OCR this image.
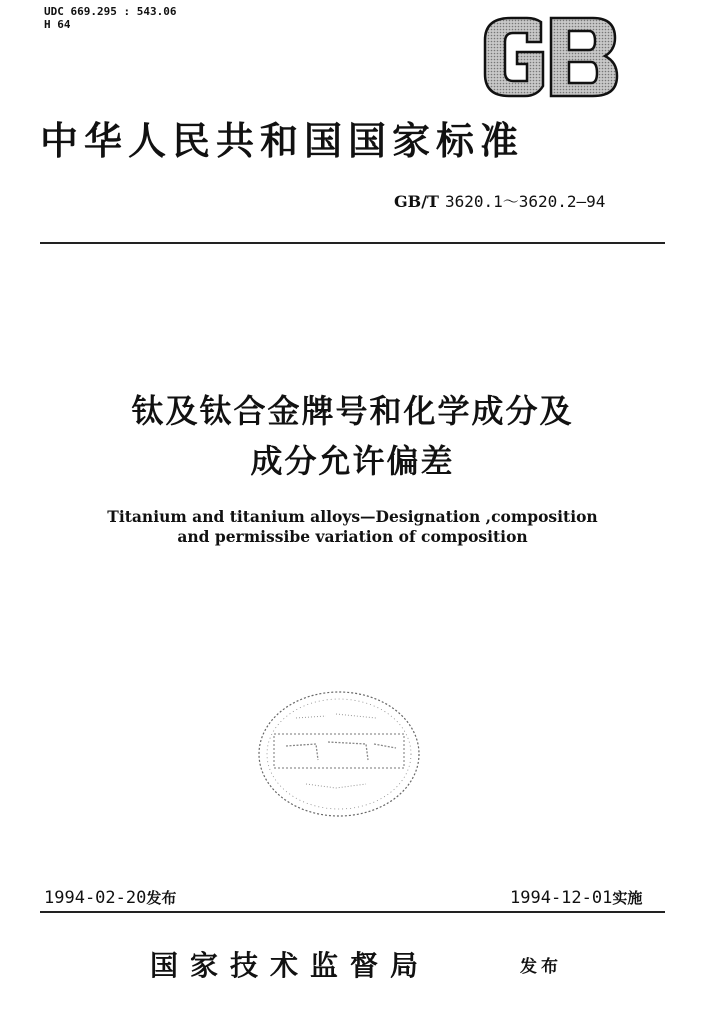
UDC 669.295 : 543.06
H 64
中华人民共和国国家标准
GB/T 3620.1～3620.2—94
钛及钛合金牌号和化学成分及
成分允许偏差
Titanium and titanium alloys—Designation ,composition
and permissibe variation of composition
1994-02-20发布	1994-12-01实施
国家技术监督局	发布
